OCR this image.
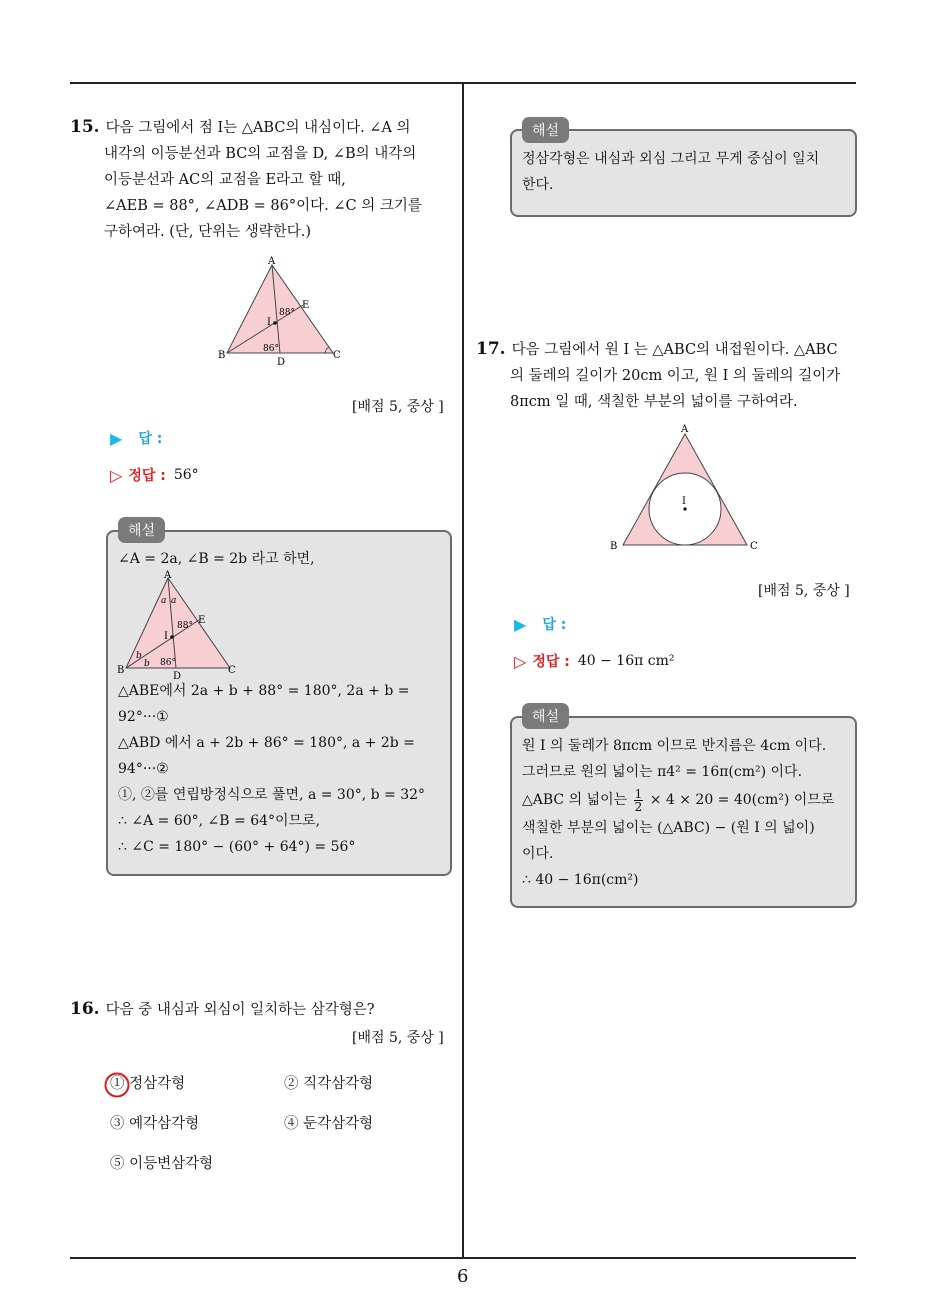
15. 다음 그림에서 점 I는 △ABC의 내심이다. ∠A 의
내각의 이등분선과 BC의 교점을 D, ∠B의 내각의
이등분선과 AC의 교점을 E라고 할 때,
∠AEB = 88°, ∠ADB = 86°이다. ∠C 의 크기를
구하여라. (단, 단위는 생략한다.)

A
B	C
D
E
I
88°
86°
[배점 5, 중상 ]
▶ 답 :
▷ 정답 : 56°
해설
∠A = 2a, ∠B = 2b 라고 하면,
A
B	C
D
E
I
a a
b
b
88°
86°
△ABE에서 2a + b + 88° = 180°, 2a + b =
92°···①
△ABD 에서 a + 2b + 86° = 180°, a + 2b =
94°···②
①, ②를 연립방정식으로 풀면, a = 30°, b = 32°
∴ ∠A = 60°, ∠B = 64°이므로,
∴ ∠C = 180° − (60° + 64°) = 56°

16. 다음 중 내심과 외심이 일치하는 삼각형은?

[배점 5, 중상 ]
① 정삼각형	② 직각삼각형
③ 예각삼각형	④ 둔각삼각형
⑤ 이등변삼각형
해설
정삼각형은 내심과 외심 그리고 무게 중심이 일치
한다.

17. 다음 그림에서 원 I 는 △ABC의 내접원이다. △ABC
의 둘레의 길이가 20cm 이고, 원 I 의 둘레의 길이가
8πcm 일 때, 색칠한 부분의 넓이를 구하여라.

A
B	C
I
[배점 5, 중상 ]
▶ 답 :
▷ 정답 : 40 − 16π cm²
해설
원 I 의 둘레가 8πcm 이므로 반지름은 4cm 이다.
그러므로 원의 넓이는 π4² = 16π(cm²) 이다.
△ABC 의 넓이는 $\frac{1}{2} \times 4 \times 20 = 40(cm^2)$ 이므로
색칠한 부분의 넓이는 (△ABC) − (원 I 의 넓이)
이다.
∴ 40 − 16π(cm²)
6
